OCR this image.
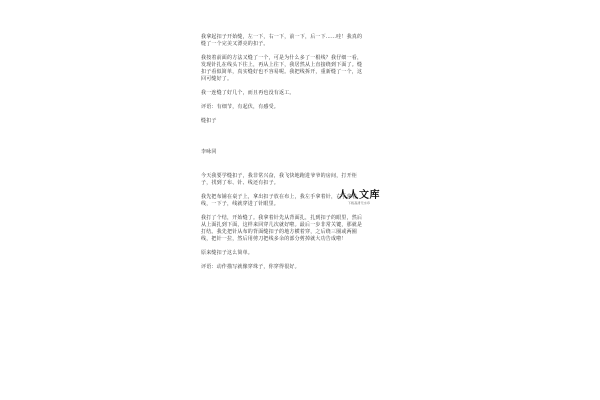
我拿起扣子开始缝，左一下，右一下，前一下，后一下……哇！我真的
缝了一个完美又漂亮的扣子。
我按着前面的方法又缝了一个，可是为什么多了一根线？我仔细一看，
发现针扎在线头下往上，再从上往下，我居然从上直接绕到下面了。缝
扣子看似简单，真实缝好也不容易呢。我把线拆开，重新缝了一个，这
回可缝好了。
我一连缝了好几个，而且再也没有返工。
评语：有细节，有起伏，有感受。
缝扣子
李咏同
今天我要学缝扣子，我非常兴奋，我飞快地跑进爷爷的房间，打开柜
子，找到了布、针、线还有扣子。
我先把布铺在桌子上，拿出扣子放在布上，我左手拿着针，右手拿着
线，一下子，线就穿进了针眼里。
我打了个结，开始缝了。我拿着针先从背面扎，扎到扣子的眼里，然后
从上面扎到下面，这样来回穿几次就好啦。最后一步非常关键，那就是
打结。我先把针从布的背面缝扣子的地方横着穿，之后绕三圈或两圈
线，把针一拉，然后用剪刀把线多余的部分剪掉就大功告成啦！
原来缝扣子这么简单。
评语：动作描写就像穿珠子，你穿得很好。
人人文库
下载高清无水印
